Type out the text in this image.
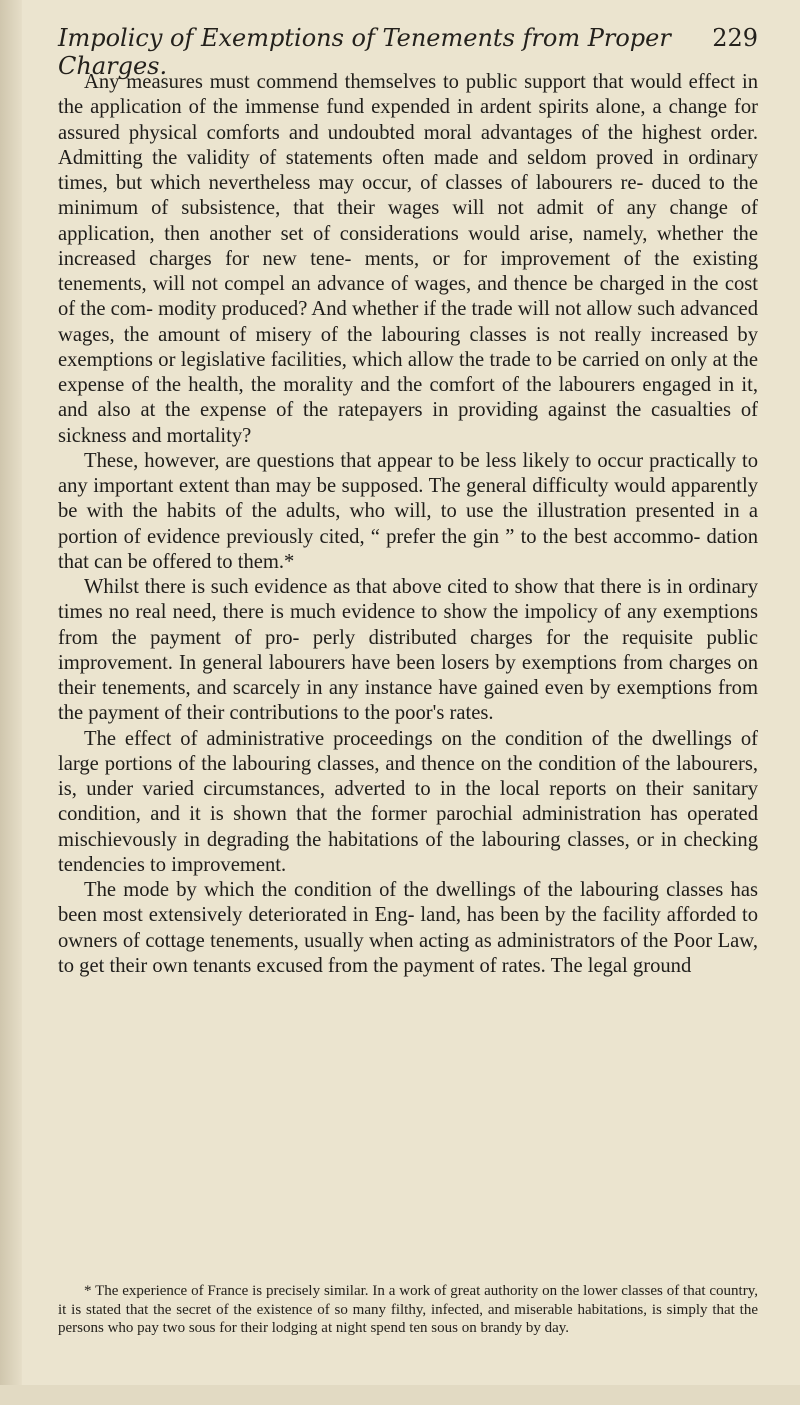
Impolicy of Exemptions of Tenements from Proper Charges.
229

Any measures must commend themselves to public support that would effect in the application of the immense fund expended in ardent spirits alone, a change for assured physical comforts and undoubted moral advantages of the highest order. Admitting the validity of statements often made and seldom proved in ordinary times, but which nevertheless may occur, of classes of labourers re- duced to the minimum of subsistence, that their wages will not admit of any change of application, then another set of considerations would arise, namely, whether the increased charges for new tene- ments, or for improvement of the existing tenements, will not compel an advance of wages, and thence be charged in the cost of the com- modity produced? And whether if the trade will not allow such advanced wages, the amount of misery of the labouring classes is not really increased by exemptions or legislative facilities, which allow the trade to be carried on only at the expense of the health, the morality and the comfort of the labourers engaged in it, and also at the expense of the ratepayers in providing against the casualties of sickness and mortality?

These, however, are questions that appear to be less likely to occur practically to any important extent than may be supposed. The general difficulty would apparently be with the habits of the adults, who will, to use the illustration presented in a portion of evidence previously cited, “ prefer the gin ” to the best accommo- dation that can be offered to them.*

Whilst there is such evidence as that above cited to show that there is in ordinary times no real need, there is much evidence to show the impolicy of any exemptions from the payment of pro- perly distributed charges for the requisite public improvement. In general labourers have been losers by exemptions from charges on their tenements, and scarcely in any instance have gained even by exemptions from the payment of their contributions to the poor's rates.

The effect of administrative proceedings on the condition of the dwellings of large portions of the labouring classes, and thence on the condition of the labourers, is, under varied circumstances, adverted to in the local reports on their sanitary condition, and it is shown that the former parochial administration has operated mischievously in degrading the habitations of the labouring classes, or in checking tendencies to improvement.

The mode by which the condition of the dwellings of the labouring classes has been most extensively deteriorated in Eng- land, has been by the facility afforded to owners of cottage tenements, usually when acting as administrators of the Poor Law, to get their own tenants excused from the payment of rates. The legal ground

* The experience of France is precisely similar. In a work of great authority on the lower classes of that country, it is stated that the secret of the existence of so many filthy, infected, and miserable habitations, is simply that the persons who pay two sous for their lodging at night spend ten sous on brandy by day.
